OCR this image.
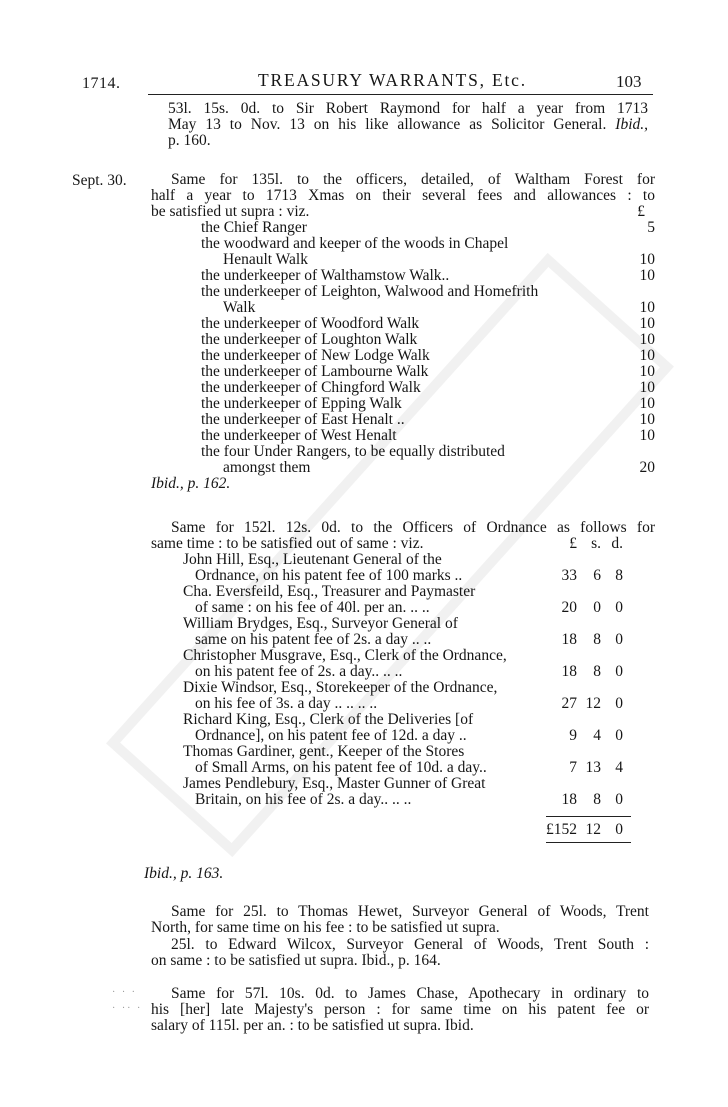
1714.	TREASURY WARRANTS, Etc.	103
53l. 15s. 0d. to Sir Robert Raymond for half a year from 1713
May 13 to Nov. 13 on his like allowance as Solicitor General. Ibid.,
p. 160.
Sept. 30.	Same for 135l. to the officers, detailed, of Waltham Forest for
half a year to 1713 Xmas on their several fees and allowances : to
be satisfied ut supra : viz.	£
the Chief Ranger	5
the woodward and keeper of the woods in Chapel
Henault Walk	10
the underkeeper of Walthamstow Walk..	10
the underkeeper of Leighton, Walwood and Homefrith
Walk	10
the underkeeper of Woodford Walk	10
the underkeeper of Loughton Walk	10
the underkeeper of New Lodge Walk	10
the underkeeper of Lambourne Walk	10
the underkeeper of Chingford Walk	10
the underkeeper of Epping Walk	10
the underkeeper of East Henalt ..	10
the underkeeper of West Henalt	10
the four Under Rangers, to be equally distributed
amongst them	20
Ibid., p. 162.
Same for 152l. 12s. 0d. to the Officers of Ordnance as follows for
same time : to be satisfied out of same : viz.	£ s. d.
John Hill, Esq., Lieutenant General of the
Ordnance, on his patent fee of 100 marks ..	33	6 8
Cha. Eversfeild, Esq., Treasurer and Paymaster
of same : on his fee of 40l. per an. .. ..	20	0 0
William Brydges, Esq., Surveyor General of
same on his patent fee of 2s. a day .. ..	18	8 0
Christopher Musgrave, Esq., Clerk of the Ordnance,
on his patent fee of 2s. a day.. .. ..	18	8 0
Dixie Windsor, Esq., Storekeeper of the Ordnance,
on his fee of 3s. a day .. .. .. ..	27 12 0
Richard King, Esq., Clerk of the Deliveries [of
Ordnance], on his patent fee of 12d. a day ..	9	4 0
Thomas Gardiner, gent., Keeper of the Stores
of Small Arms, on his patent fee of 10d. a day..	7 13 4
James Pendlebury, Esq., Master Gunner of Great
Britain, on his fee of 2s. a day.. .. ..	18	8 0
£152 12 0
Ibid., p. 163.
Same for 25l. to Thomas Hewet, Surveyor General of Woods, Trent
North, for same time on his fee : to be satisfied ut supra.
25l. to Edward Wilcox, Surveyor General of Woods, Trent South :
on same : to be satisfied ut supra. Ibid., p. 164.
· · ·
· ·· ·
Same for 57l. 10s. 0d. to James Chase, Apothecary in ordinary to
his [her] late Majesty's person : for same time on his patent fee or
salary of 115l. per an. : to be satisfied ut supra. Ibid.
